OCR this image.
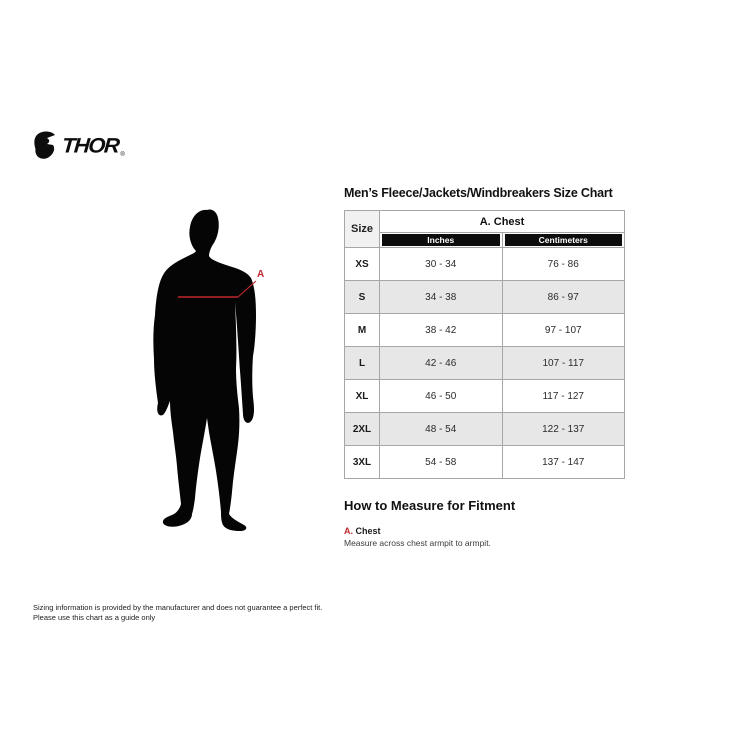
THOR ®
A
Men’s Fleece/Jackets/Windbreakers Size Chart
Size	A. Chest	

	Inches	Centimeters

XS	30 - 34	76 - 86
S	34 - 38	86 - 97
M	38 - 42	97 - 107
L	42 - 46	107 - 117
XL	46 - 50	117 - 127
2XL	48 - 54	122 - 137
3XL	54 - 58	137 - 147
How to Measure for Fitment
A. Chest
Measure across chest armpit to armpit.
Sizing information is provided by the manufacturer and does not guarantee a perfect fit.
Please use this chart as a guide only
